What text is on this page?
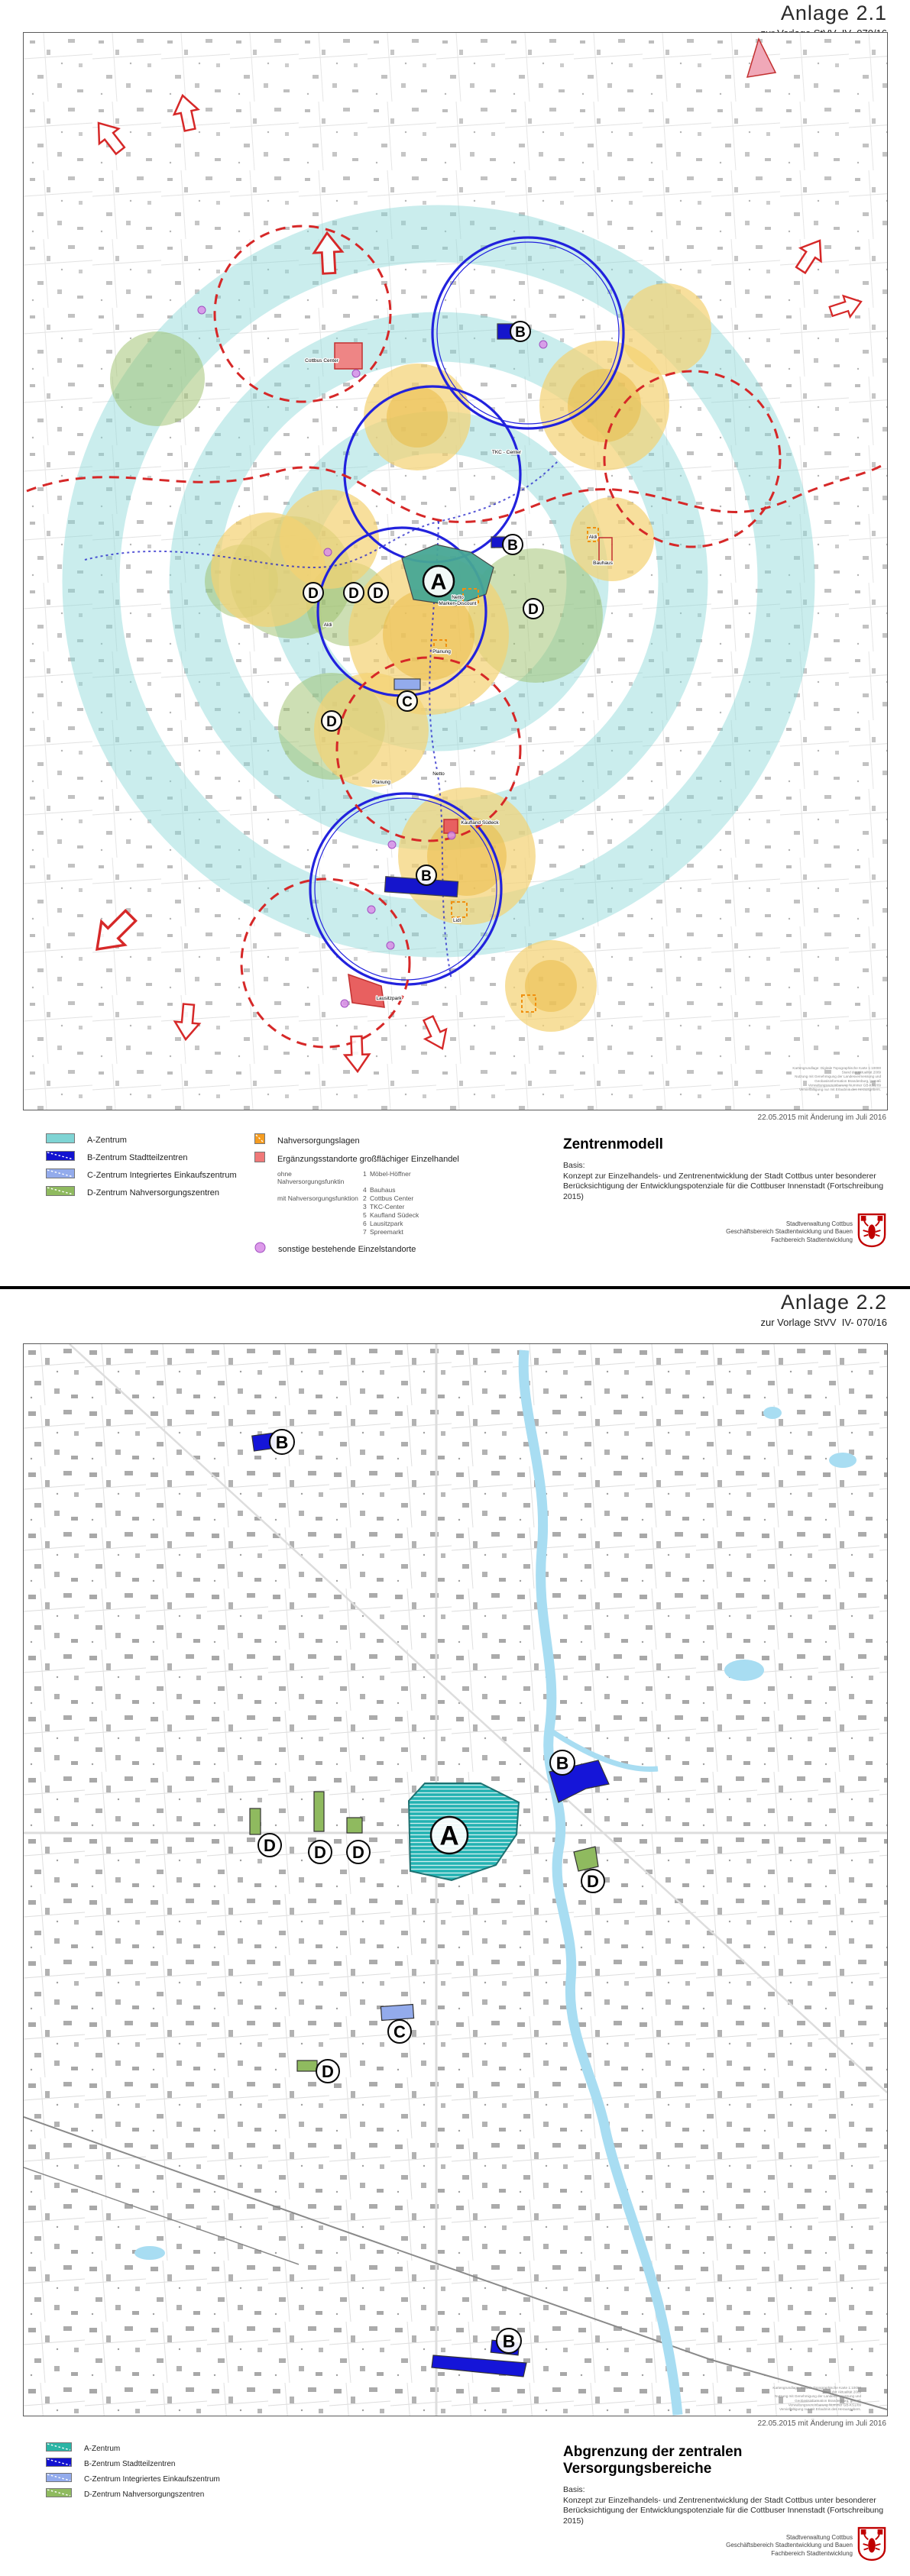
Anlage 2.1
Cottbus Center
Netto
Marken-Discount
Planung
TKC - Center
Kaufland Südeck
Lidl
Lausitzpark
Aldi
Aldi
Bauhaus
Planung
Netto
A
B
B
B
C
D D D
D
D
Kartengrundlage: Digitale Topographische Karte 1:10000
Stand der Aktualität 2009
Nutzung mit Genehmigung der Landesvermessung und
Geobasisinformation Brandenburg, gemäß
Verwaltungsvereinbarung Nummer GB-KS1/09
Vervielfältigung nur mit Erlaubnis des Herausgebers.
22.05.2015 mit Änderung im Juli 2016
A-Zentrum
B-Zentrum Stadtteilzentren
C-Zentrum Integriertes Einkaufszentrum
D-Zentrum Nahversorgungszentren
Nahversorgungslagen
Ergänzungsstandorte großflächiger Einzelhandel
ohne Nahversorgungsfunktin
1 Möbel-Höffner
4 Bauhaus
mit Nahversorgungsfunktion 2 Cottbus Center
3 TKC-Center
5 Kaufland Südeck
6 Lausitzpark
7 Spreemarkt
sonstige bestehende Einzelstandorte
Zentrenmodell
Basis:
Konzept zur Einzelhandels- und Zentrenentwicklung der Stadt Cottbus unter besonderer
Berücksichtigung der Entwicklungspotenziale für die Cottbuser Innenstadt (Fortschreibung 2015)
Stadtverwaltung Cottbus
Geschäftsbereich Stadtentwicklung und Bauen
Fachbereich Stadtentwicklung
Anlage 2.2
zur Vorlage StVV  IV- 070/16
B
A
B
D D D
D
C
D
B
Kartengrundlage: Digitale Topographische Karte 1:10000
Stand der Aktualität 2009
Nutzung mit Genehmigung der Landesvermessung und
Geobasisinformation Brandenburg, gemäß
Verwaltungsvereinbarung Nummer GB-KS1/09
Vervielfältigung nur mit Erlaubnis des Herausgebers.
22.05.2015 mit Änderung im Juli 2016
A-Zentrum
B-Zentrum Stadtteilzentren
C-Zentrum Integriertes Einkaufszentrum
D-Zentrum Nahversorgungszentren
Abgrenzung der zentralen Versorgungsbereiche
Basis:
Konzept zur Einzelhandels- und Zentrenentwicklung der Stadt Cottbus unter besonderer
Berücksichtigung der Entwicklungspotenziale für die Cottbuser Innenstadt (Fortschreibung 2015)
Stadtverwaltung Cottbus
Geschäftsbereich Stadtentwicklung und Bauen
Fachbereich Stadtentwicklung
